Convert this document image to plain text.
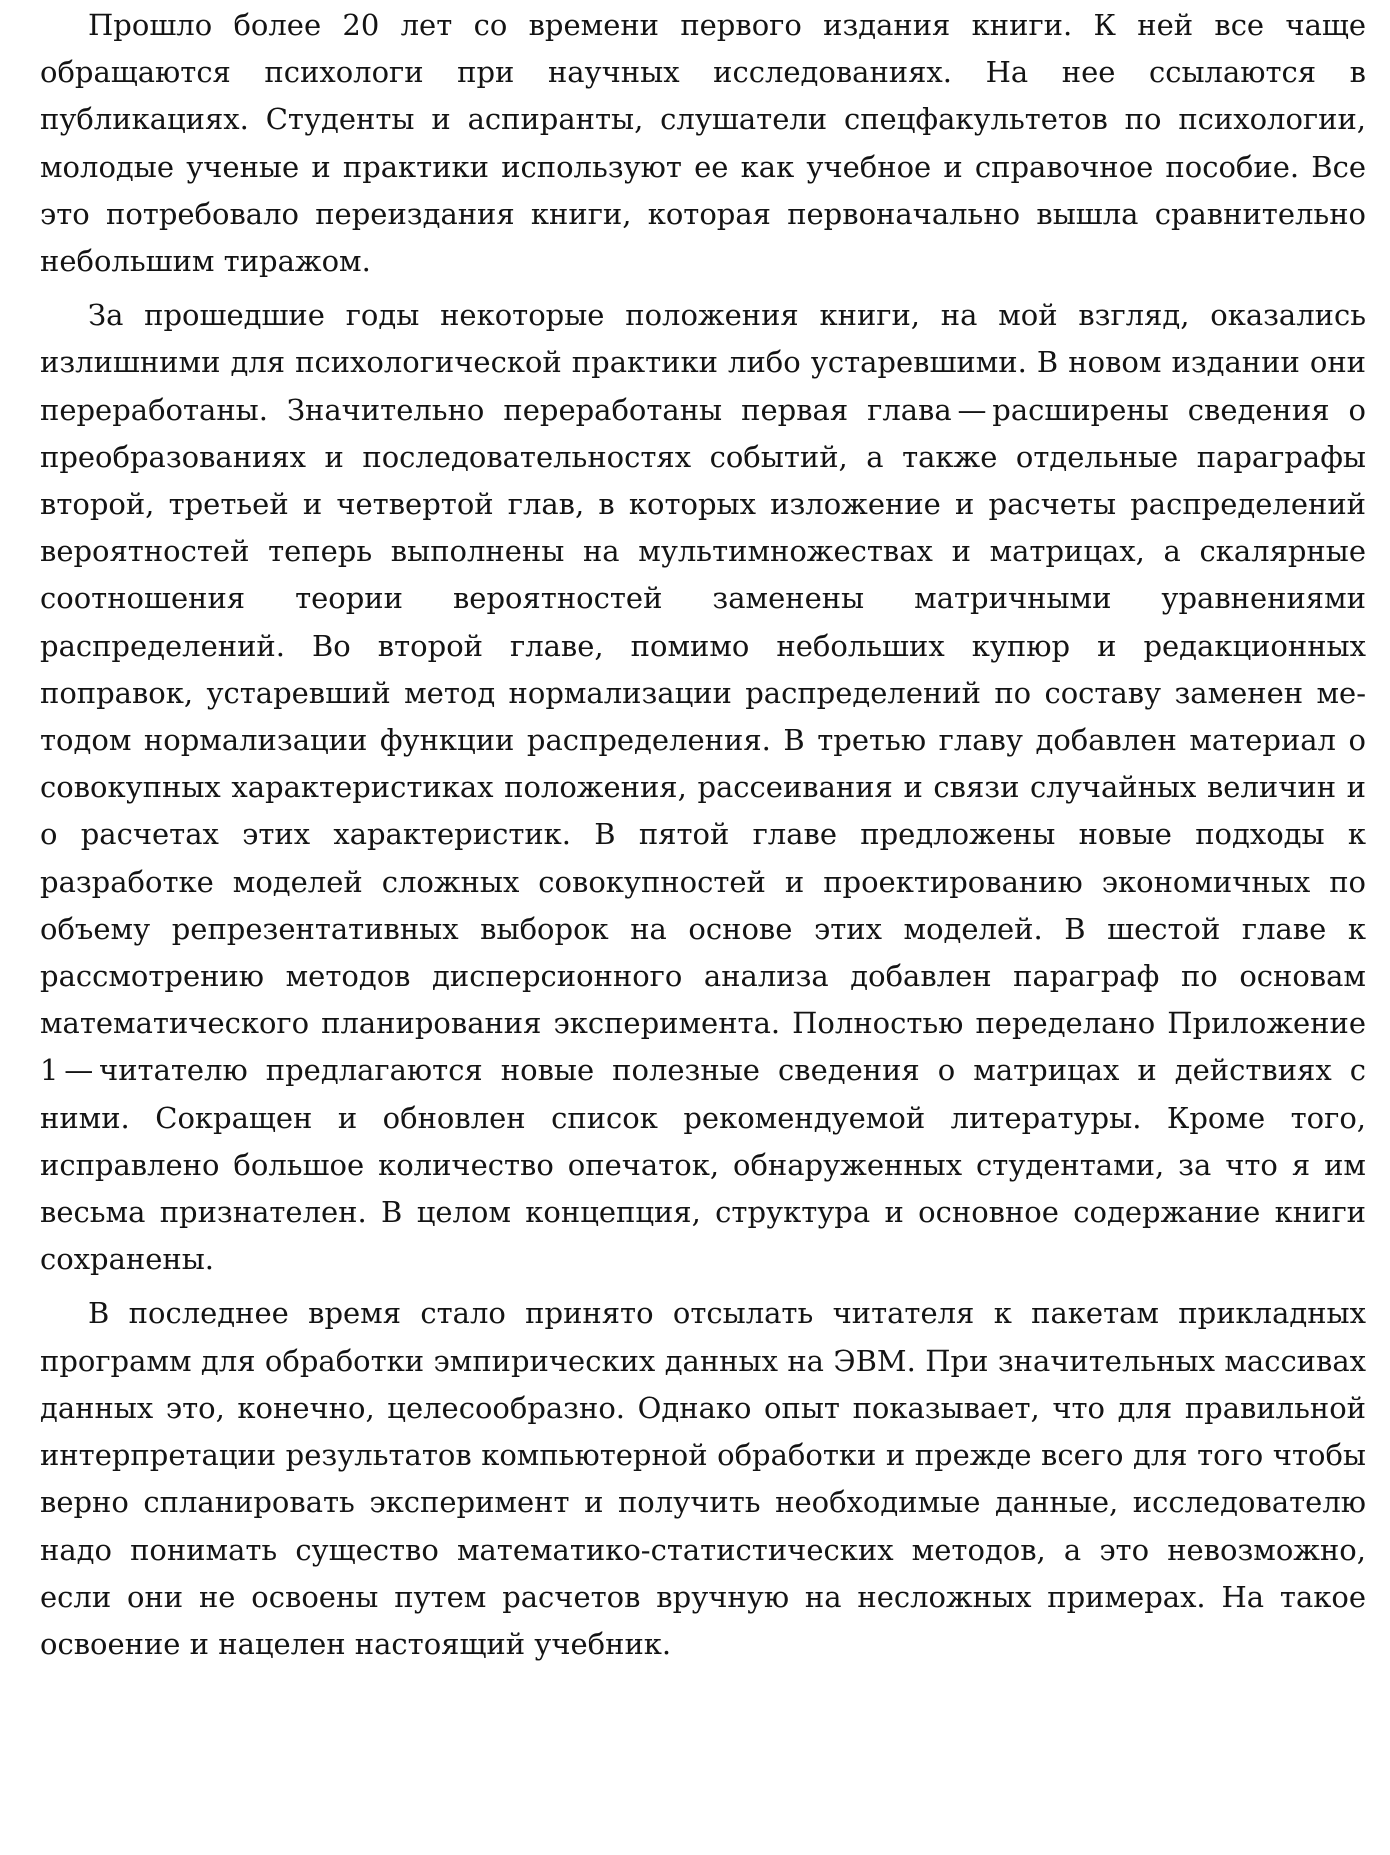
Прошло более 20 лет со времени первого издания книги. К ней все чаще обращаются психологи при научных исследованиях. На нее ссылаются в публикациях. Студенты и аспиранты, слушатели спецфакультетов по психологии, молодые ученые и практики используют ее как учебное и справочное пособие. Все это потребовало переиздания книги, которая первоначально вышла сравнительно небольшим тиражом.

За прошедшие годы некоторые положения книги, на мой взгляд, оказались излишними для психологической практики либо устаревшими. В новом издании они переработаны. Значительно переработаны первая глава — расширены сведения о преобразованиях и последовательностях событий, а также отдельные параграфы второй, третьей и четвертой глав, в которых изложение и расчеты распределений вероятностей теперь выполнены на мультимножествах и матрицах, а скалярные соотношения теории вероятностей заменены матричными уравнениями распределений. Во второй главе, помимо небольших купюр и редакционных поправок, устаревший метод нормализации распределений по составу заменен методом нормализации функции распределения. В третью главу добавлен материал о совокупных характеристиках положения, рассеивания и связи случайных величин и о расчетах этих характеристик. В пятой главе предложены новые подходы к разработке моделей сложных совокупностей и проектированию экономичных по объему репрезентативных выборок на основе этих моделей. В шестой главе к рассмотрению методов дисперсионного анализа добавлен параграф по основам математического планирования эксперимента. Полностью переделано Приложение 1 — читателю предлагаются новые полезные сведения о матрицах и действиях с ними. Сокращен и обновлен список рекомендуемой литературы. Кроме того, исправлено большое количество опечаток, обнаруженных студентами, за что я им весьма признателен. В целом концепция, структура и основное содержание книги сохранены.

В последнее время стало принято отсылать читателя к пакетам прикладных программ для обработки эмпирических данных на ЭВМ. При значительных массивах данных это, конечно, целесообразно. Однако опыт показывает, что для правильной интерпретации результатов компьютерной обработки и прежде всего для того чтобы верно спланировать эксперимент и получить необходимые данные, исследователю надо понимать существо математико-статистических методов, а это невозможно, если они не освоены путем расчетов вручную на несложных примерах. На такое освоение и нацелен настоящий учебник.
